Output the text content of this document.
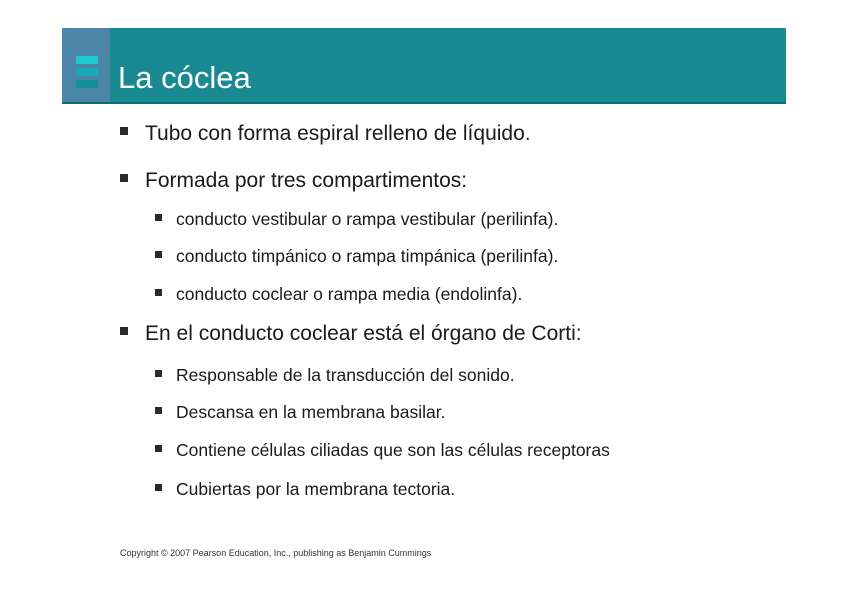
La cóclea
Tubo con forma espiral relleno de líquido.
Formada por tres compartimentos:
conducto vestibular o rampa vestibular (perilinfa).
conducto timpánico o rampa timpánica (perilinfa).
conducto coclear o rampa media (endolinfa).
En el conducto coclear está el órgano de Corti:
Responsable de la transducción del sonido.
Descansa en la membrana basilar.
Contiene células ciliadas que son las células receptoras
Cubiertas por la membrana tectoria.
Copyright © 2007 Pearson Education, Inc., publishing as Benjamin Cummings
